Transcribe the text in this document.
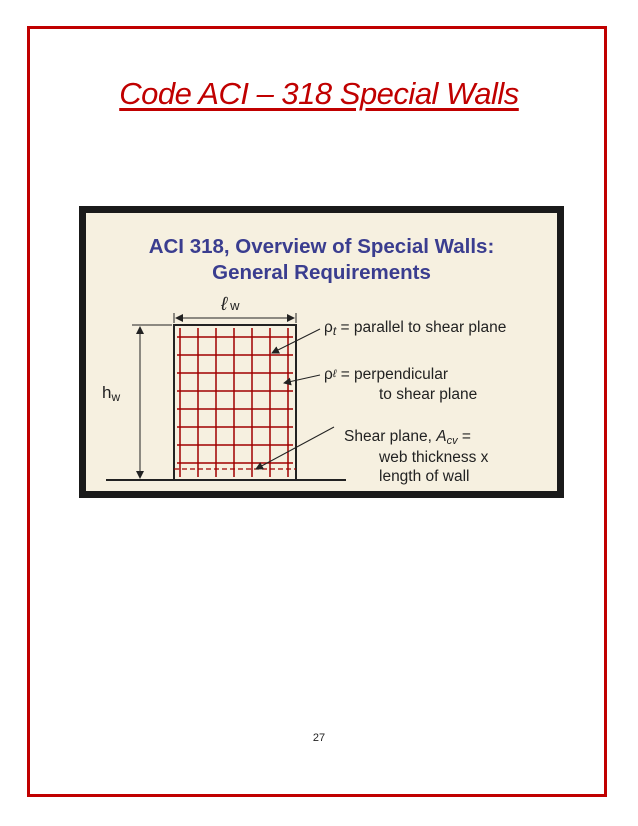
Code ACI – 318 Special Walls
ACI 318, Overview of Special Walls:
General Requirements
ℓ w
hw
ρt = parallel to shear plane
ρℓ = perpendicular
to shear plane
Shear plane, Acv =
web thickness x
length of wall
27
